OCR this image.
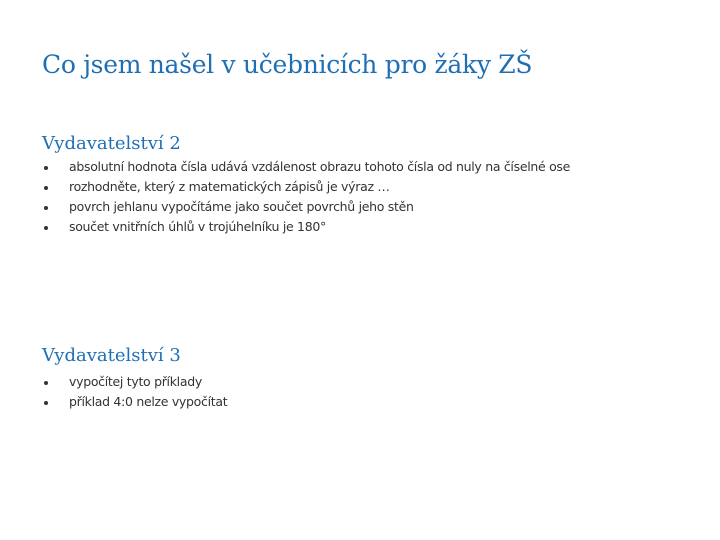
Co jsem našel v učebnicích pro žáky ZŠ
Vydavatelství 2
absolutní hodnota čísla udává vzdálenost obrazu tohoto čísla od nuly na číselné ose
rozhodněte, který z matematických zápisů je výraz …
povrch jehlanu vypočítáme jako součet povrchů jeho stěn
součet vnitřních úhlů v trojúhelníku je 180°
Vydavatelství 3
vypočítej tyto příklady
příklad 4:0 nelze vypočítat
